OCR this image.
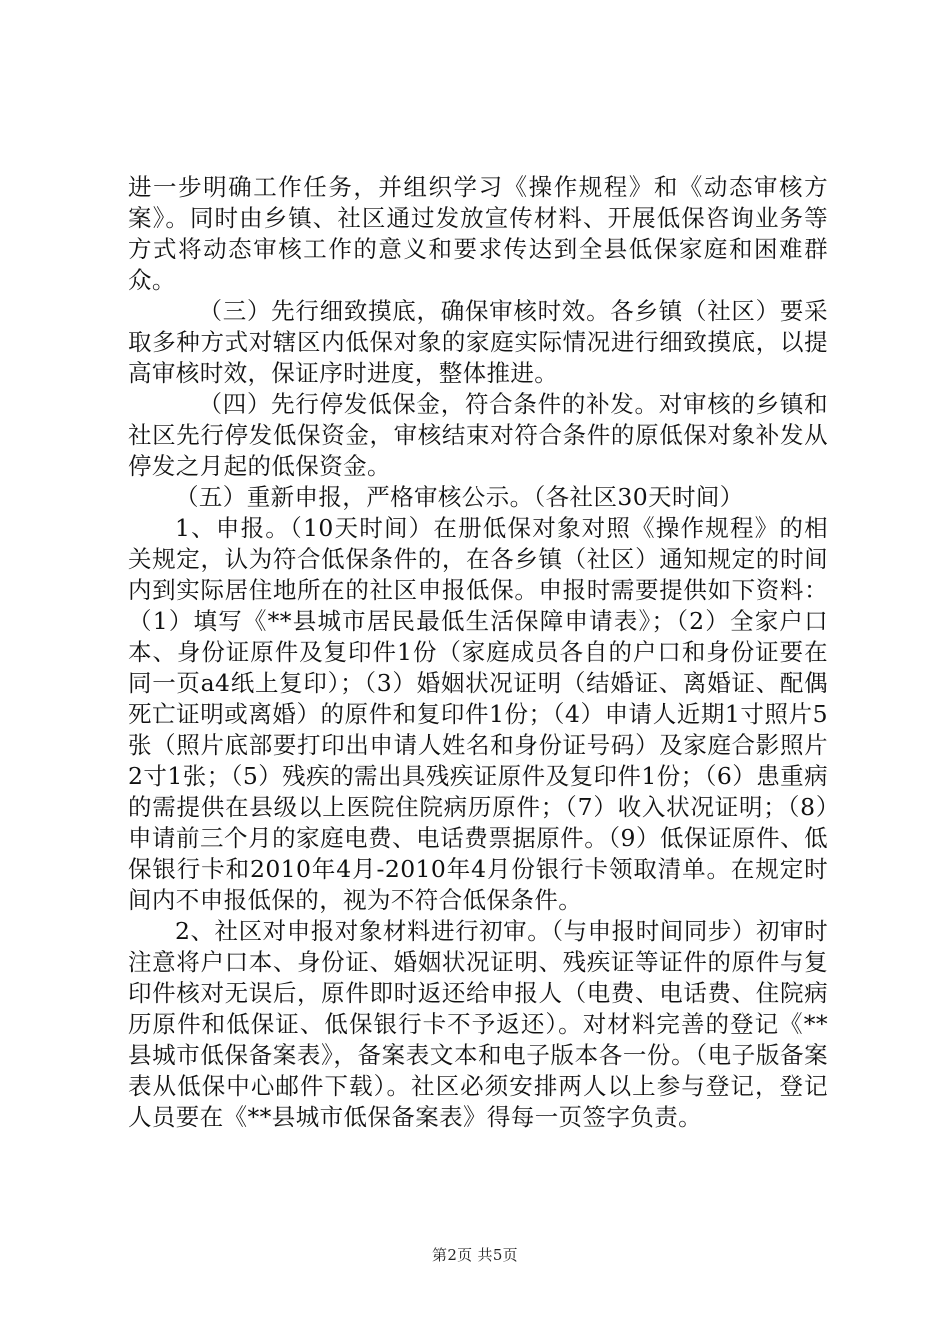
进一步明确工作任务，并组织学习《操作规程》和《动态审核方案》。同时由乡镇、社区通过发放宣传材料、开展低保咨询业务等方式将动态审核工作的意义和要求传达到全县低保家庭和困难群众。

（三）先行细致摸底，确保审核时效。各乡镇（社区）要采取多种方式对辖区内低保对象的家庭实际情况进行细致摸底，以提高审核时效，保证序时进度，整体推进。

（四）先行停发低保金，符合条件的补发。对审核的乡镇和社区先行停发低保资金，审核结束对符合条件的原低保对象补发从停发之月起的低保资金。

（五）重新申报，严格审核公示。（各社区30天时间）

1、申报。（10天时间）在册低保对象对照《操作规程》的相关规定，认为符合低保条件的，在各乡镇（社区）通知规定的时间内到实际居住地所在的社区申报低保。申报时需要提供如下资料：（1）填写《**县城市居民最低生活保障申请表》；（2）全家户口本、身份证原件及复印件1份（家庭成员各自的户口和身份证要在同一页a4纸上复印）；（3）婚姻状况证明（结婚证、离婚证、配偶死亡证明或离婚）的原件和复印件1份；（4）申请人近期1寸照片5张（照片底部要打印出申请人姓名和身份证号码）及家庭合影照片2寸1张；（5）残疾的需出具残疾证原件及复印件1份；（6）患重病的需提供在县级以上医院住院病历原件；（7）收入状况证明；（8）申请前三个月的家庭电费、电话费票据原件。（9）低保证原件、低保银行卡和2010年4月-2010年4月份银行卡领取清单。在规定时间内不申报低保的，视为不符合低保条件。

2、社区对申报对象材料进行初审。（与申报时间同步）初审时注意将户口本、身份证、婚姻状况证明、残疾证等证件的原件与复印件核对无误后，原件即时返还给申报人（电费、电话费、住院病历原件和低保证、低保银行卡不予返还）。对材料完善的登记《**县城市低保备案表》，备案表文本和电子版本各一份。（电子版备案表从低保中心邮件下载）。社区必须安排两人以上参与登记，登记人员要在《**县城市低保备案表》得每一页签字负责。

第2页 共5页
